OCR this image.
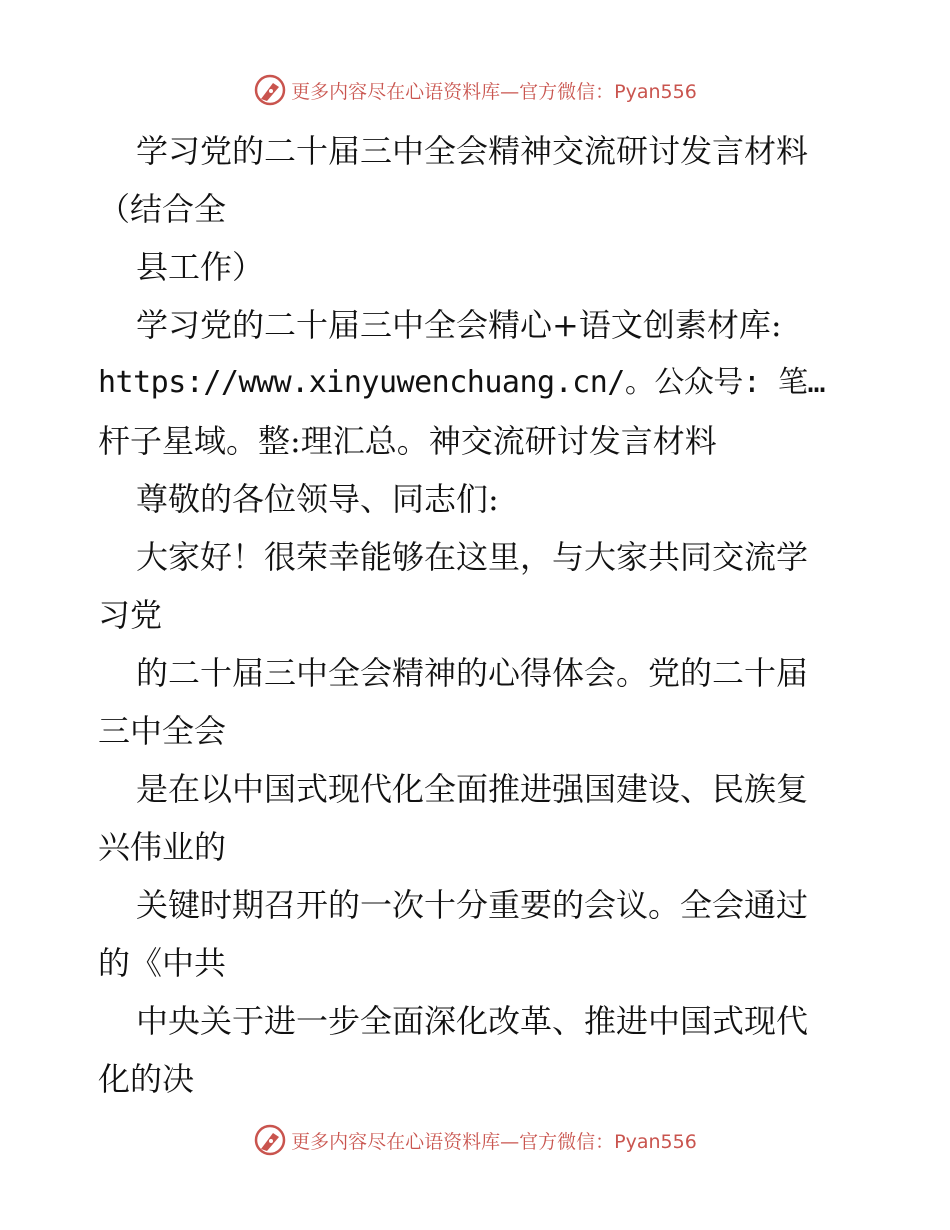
更多内容尽在心语资料库—官方微信：Pyan556
学习党的二十届三中全会精神交流研讨发言材料
（结合全
县工作）
学习党的二十届三中全会精心+语文创素材库:
https://www.xinyuwenchuang.cn/。公众号: 笔…
杆子星域。整:理汇总。神交流研讨发言材料
尊敬的各位领导、同志们:
大家好！很荣幸能够在这里，与大家共同交流学
习党
的二十届三中全会精神的心得体会。党的二十届
三中全会
是在以中国式现代化全面推进强国建设、民族复
兴伟业的
关键时期召开的一次十分重要的会议。全会通过
的《中共
中央关于进一步全面深化改革、推进中国式现代
化的决
更多内容尽在心语资料库—官方微信：Pyan556
